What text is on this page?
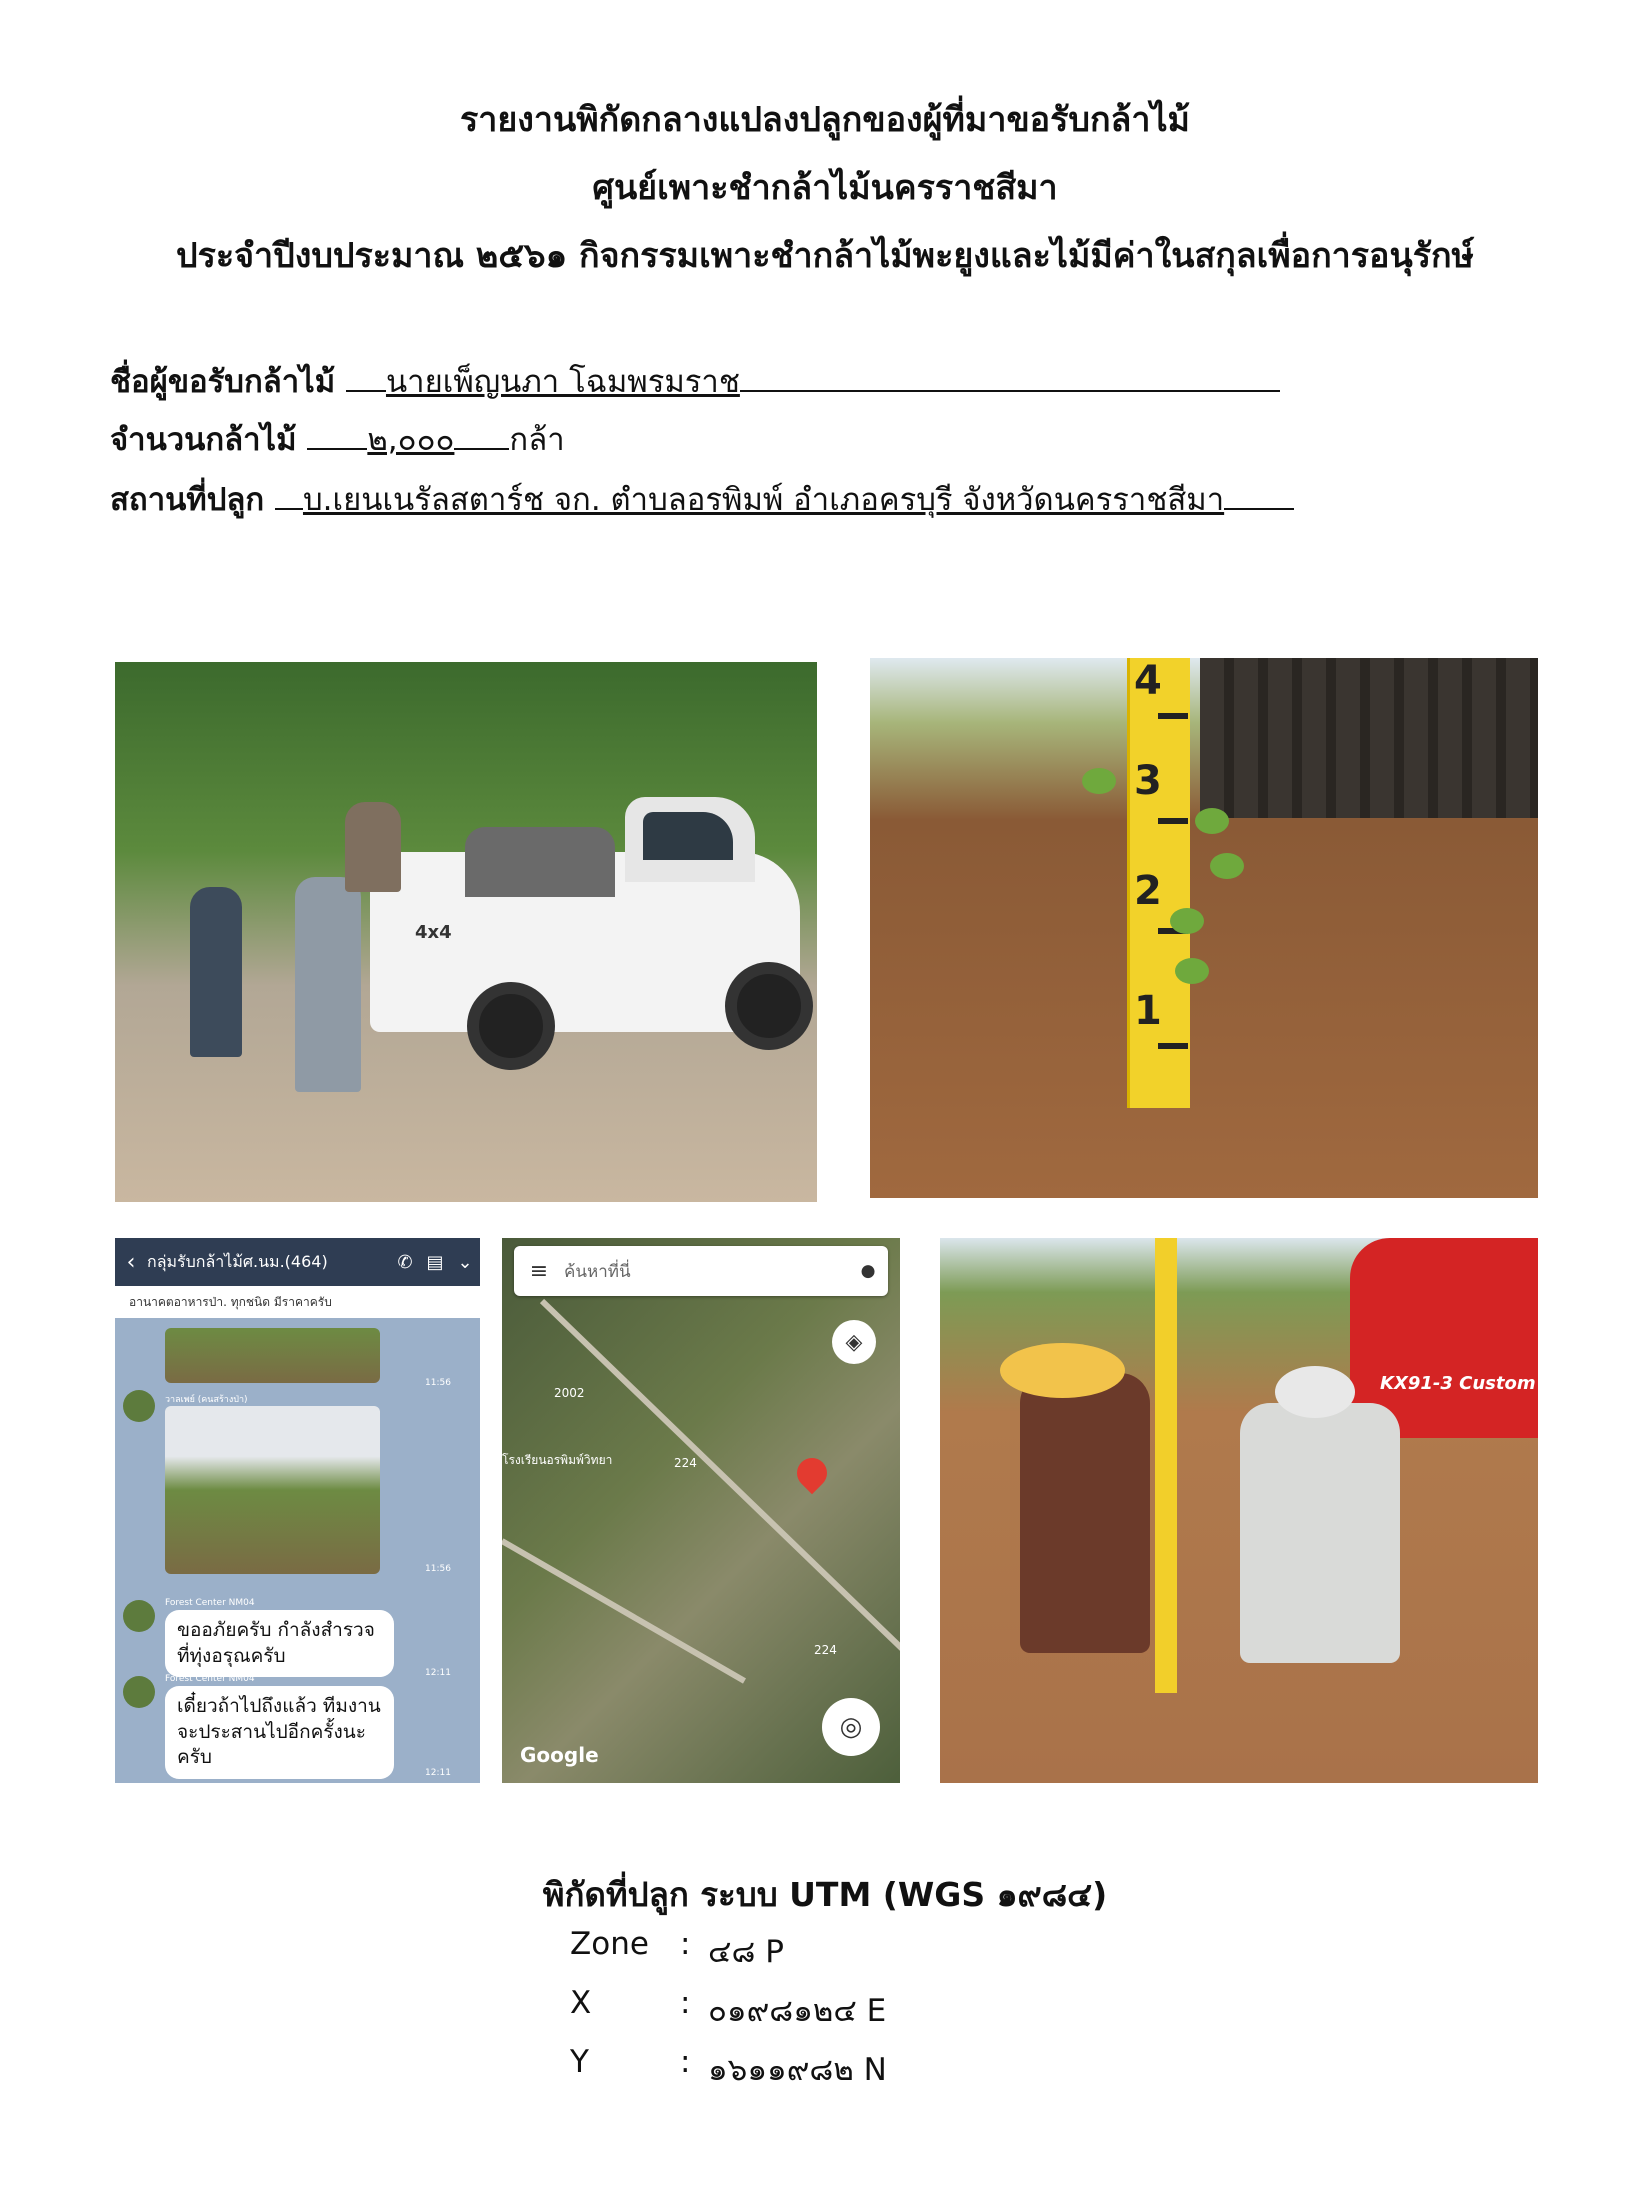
รายงานพิกัดกลางแปลงปลูกของผู้ที่มาขอรับกล้าไม้
ศูนย์เพาะชำกล้าไม้นครราชสีมา
ประจำปีงบประมาณ ๒๕๖๑ กิจกรรมเพาะชำกล้าไม้พะยูงและไม้มีค่าในสกุลเพื่อการอนุรักษ์
ชื่อผู้ขอรับกล้าไม้ นายเพ็ญนภา โฉมพรมราช
จำนวนกล้าไม้ ๒,๐๐๐ กล้า
สถานที่ปลูก บ.เยนเนรัลสตาร์ช จก. ตำบลอรพิมพ์ อำเภอครบุรี จังหวัดนครราชสีมา
4x4
4
3
2
1
‹ กลุ่มรับกล้าไม้ศ.นม.(464)	✆ ▤ ⌄
อานาคตอาหารป่า. ทุกชนิด มีราคาครับ
11:56
วาลเพย์ (คนสร้างป่า)
11:56
Forest Center NM04
ขออภัยครับ กำลังสำรวจที่ทุ่งอรุณครับ
12:11
Forest Center NM04
เดี๋ยวถ้าไปถึงแล้ว ทีมงานจะประสานไปอีกครั้งนะครับ
12:11
≡ ค้นหาที่นี่	●
◈
2002
โรงเรียนอรพิมพ์วิทยา	224
224
◎
Google
KX91-3 Custom
พิกัดที่ปลูก ระบบ UTM (WGS ๑๙๘๔)
Zone : ๔๘ P
X	: ๐๑๙๘๑๒๔ E
Y	: ๑๖๑๑๙๘๒ N
